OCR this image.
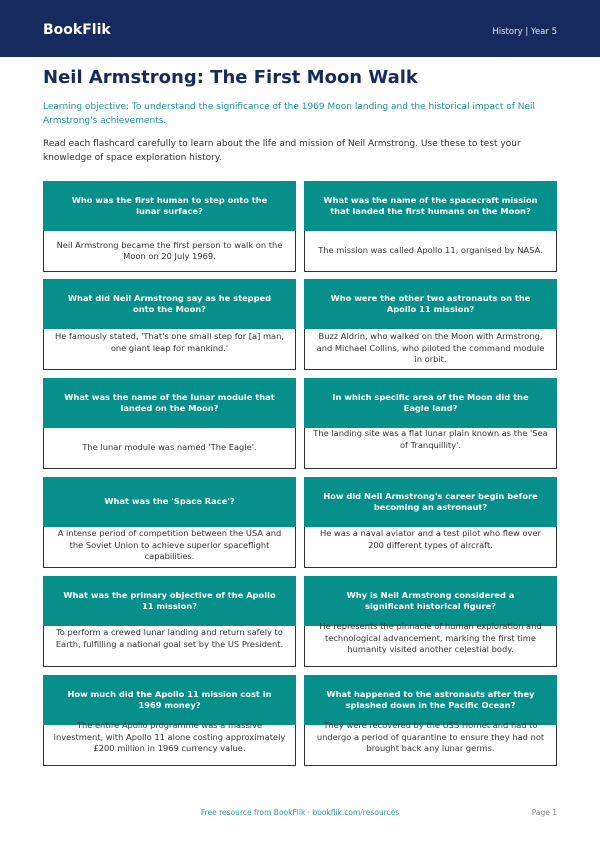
BookFlik	History | Year 5
Neil Armstrong: The First Moon Walk
Learning objective: To understand the significance of the 1969 Moon landing and the historical impact of Neil Armstrong's achievements.
Read each flashcard carefully to learn about the life and mission of Neil Armstrong. Use these to test your knowledge of space exploration history.
Who was the first human to step onto the lunar surface?
Neil Armstrong became the first person to walk on the Moon on 20 July 1969.
What was the name of the spacecraft mission that landed the first humans on the Moon?
The mission was called Apollo 11, organised by NASA.
What did Neil Armstrong say as he stepped onto the Moon?
He famously stated, 'That's one small step for [a] man, one giant leap for mankind.'
Who were the other two astronauts on the Apollo 11 mission?
Buzz Aldrin, who walked on the Moon with Armstrong, and Michael Collins, who piloted the command module in orbit.
What was the name of the lunar module that landed on the Moon?
The lunar module was named 'The Eagle'.
In which specific area of the Moon did the Eagle land?
The landing site was a flat lunar plain known as the 'Sea of Tranquillity'.
What was the 'Space Race'?
A intense period of competition between the USA and the Soviet Union to achieve superior spaceflight capabilities.
How did Neil Armstrong's career begin before becoming an astronaut?
He was a naval aviator and a test pilot who flew over 200 different types of aircraft.
What was the primary objective of the Apollo 11 mission?
To perform a crewed lunar landing and return safely to Earth, fulfilling a national goal set by the US President.
Why is Neil Armstrong considered a significant historical figure?
He represents the pinnacle of human exploration and technological advancement, marking the first time humanity visited another celestial body.
How much did the Apollo 11 mission cost in 1969 money?
The entire Apollo programme was a massive investment, with Apollo 11 alone costing approximately £200 million in 1969 currency value.
What happened to the astronauts after they splashed down in the Pacific Ocean?
They were recovered by the USS Hornet and had to undergo a period of quarantine to ensure they had not brought back any lunar germs.
Free resource from BookFlik · bookflik.com/resources	Page 1
